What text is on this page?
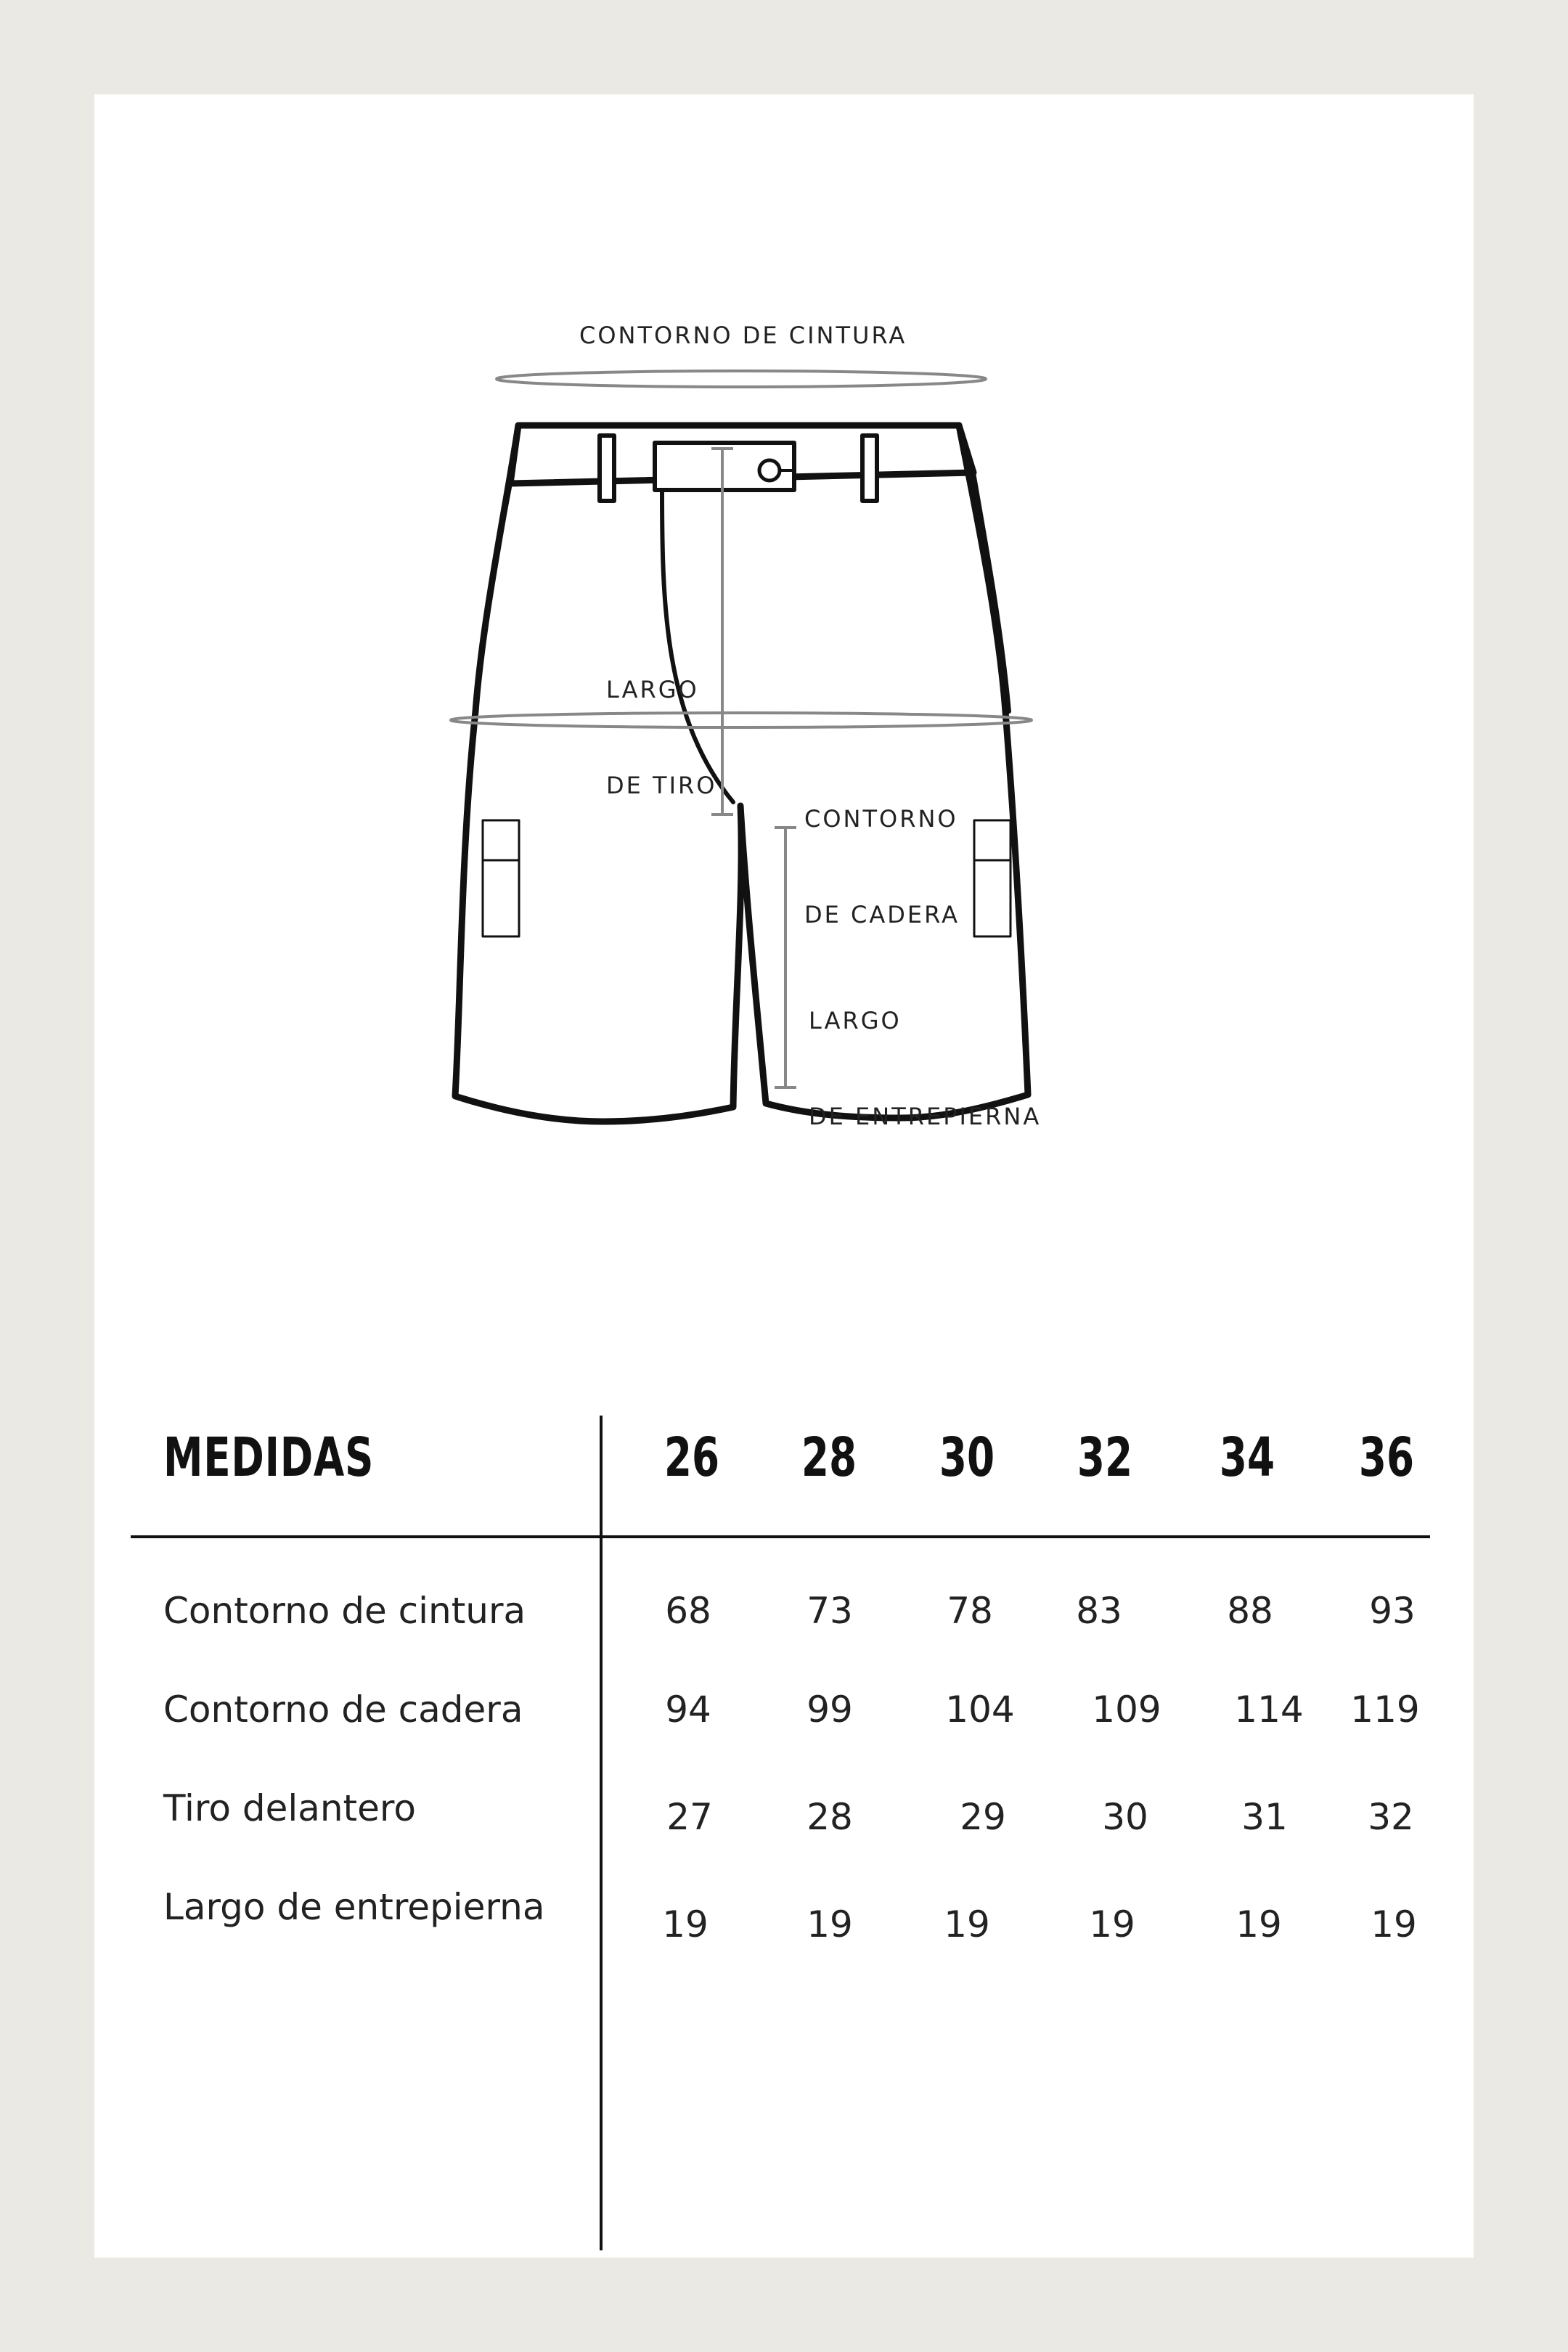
CONTORNO DE CINTURA

LARGO

DE TIRO

CONTORNO

DE CADERA

LARGO

DE ENTREPIERNA

MEDIDAS	26 28 30 32 34 36
Contorno de cintura	68	73	78	83	88	93
Contorno de cadera	94	99	104	109	114	119
Tiro delantero	27	28	29	30	31	32
Largo de entrepierna	19	19	19	19	19	19
